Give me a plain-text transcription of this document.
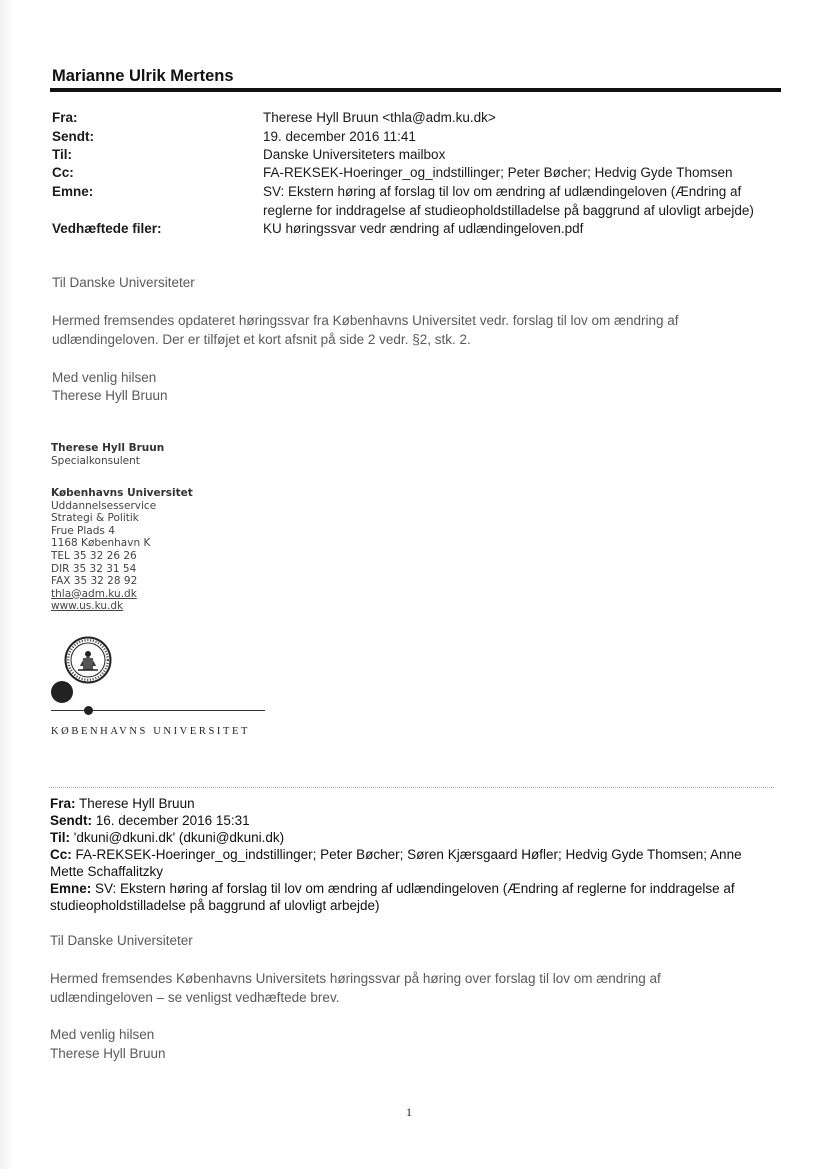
Marianne Ulrik Mertens
Fra:	Therese Hyll Bruun <thla@adm.ku.dk>
Sendt:	19. december 2016 11:41
Til:	Danske Universiteters mailbox
Cc:	FA-REKSEK-Hoeringer_og_indstillinger; Peter Bøcher; Hedvig Gyde Thomsen
Emne:	SV: Ekstern høring af forslag til lov om ændring af udlændingeloven (Ændring af
reglerne for inddragelse af studieopholdstilladelse på baggrund af ulovligt arbejde)
Vedhæftede filer:	KU høringssvar vedr ændring af udlændingeloven.pdf
Til Danske Universiteter
Hermed fremsendes opdateret høringssvar fra Københavns Universitet vedr. forslag til lov om ændring af
udlændingeloven. Der er tilføjet et kort afsnit på side 2 vedr. §2, stk. 2.
Med venlig hilsen
Therese Hyll Bruun
Therese Hyll Bruun
Specialkonsulent
Københavns Universitet
Uddannelsesservice
Strategi & Politik
Frue Plads 4
1168 København K
TEL 35 32 26 26
DIR 35 32 31 54
FAX 35 32 28 92
thla@adm.ku.dk
www.us.ku.dk
KØBENHAVNS UNIVERSITET
Fra: Therese Hyll Bruun
Sendt: 16. december 2016 15:31
Til: 'dkuni@dkuni.dk' (dkuni@dkuni.dk)
Cc: FA-REKSEK-Hoeringer_og_indstillinger; Peter Bøcher; Søren Kjærsgaard Høfler; Hedvig Gyde Thomsen; Anne
Mette Schaffalitzky
Emne: SV: Ekstern høring af forslag til lov om ændring af udlændingeloven (Ændring af reglerne for inddragelse af
studieopholdstilladelse på baggrund af ulovligt arbejde)
Til Danske Universiteter
Hermed fremsendes Københavns Universitets høringssvar på høring over forslag til lov om ændring af
udlændingeloven – se venligst vedhæftede brev.
Med venlig hilsen
Therese Hyll Bruun
1
